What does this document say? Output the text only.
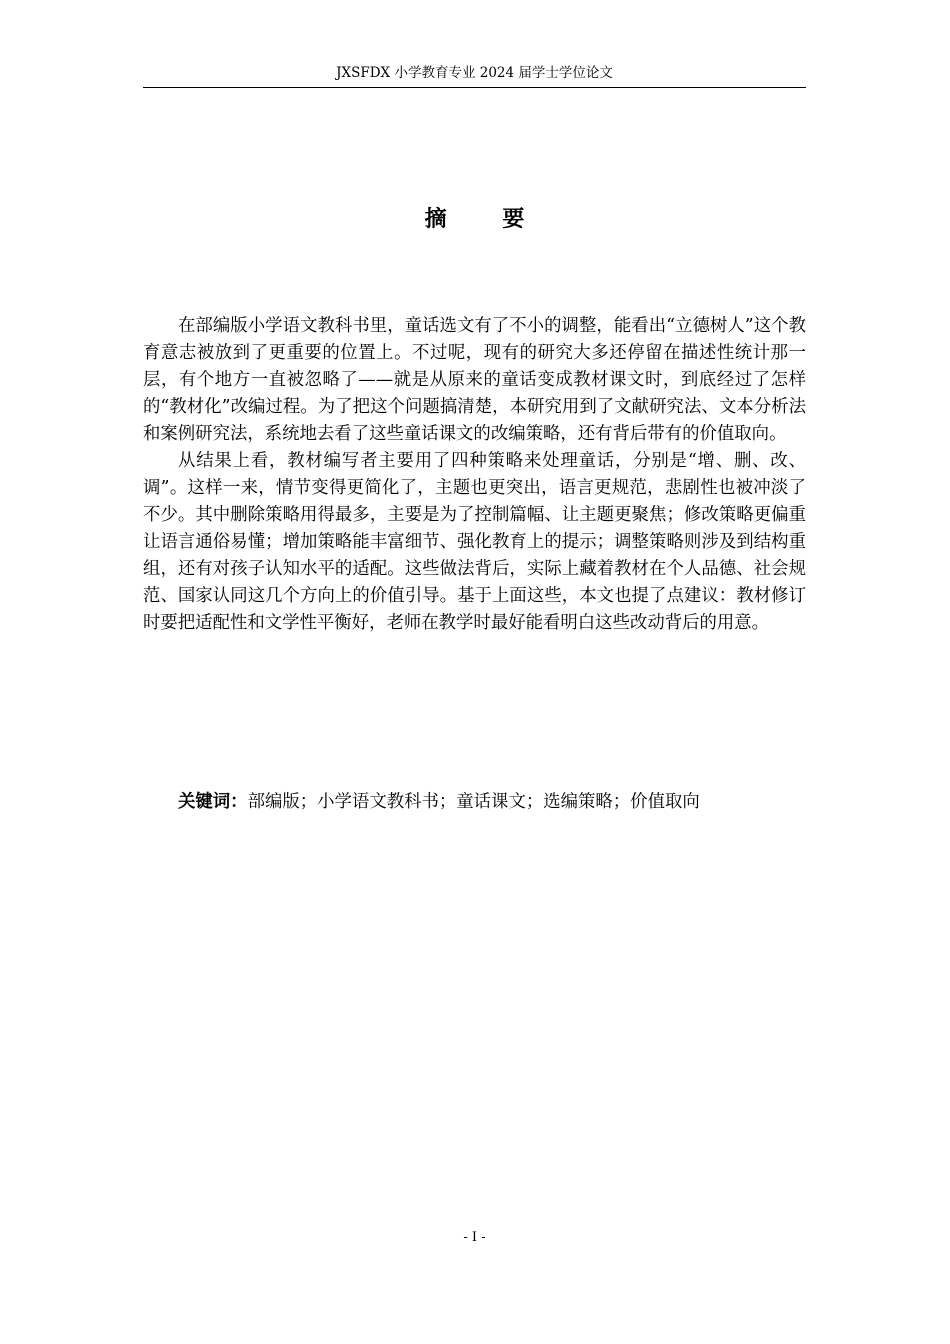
JXSFDX 小学教育专业 2024 届学士学位论文
摘 要

在部编版小学语文教科书里，童话选文有了不小的调整，能看出“立德树人”这个教育意志被放到了更重要的位置上。不过呢，现有的研究大多还停留在描述性统计那一层，有个地方一直被忽略了——就是从原来的童话变成教材课文时，到底经过了怎样的“教材化”改编过程。为了把这个问题搞清楚，本研究用到了文献研究法、文本分析法和案例研究法，系统地去看了这些童话课文的改编策略，还有背后带有的价值取向。

从结果上看，教材编写者主要用了四种策略来处理童话，分别是“增、删、改、调”。这样一来，情节变得更简化了，主题也更突出，语言更规范，悲剧性也被冲淡了不少。其中删除策略用得最多，主要是为了控制篇幅、让主题更聚焦；修改策略更偏重让语言通俗易懂；增加策略能丰富细节、强化教育上的提示；调整策略则涉及到结构重组，还有对孩子认知水平的适配。这些做法背后，实际上藏着教材在个人品德、社会规范、国家认同这几个方向上的价值引导。基于上面这些，本文也提了点建议：教材修订时要把适配性和文学性平衡好，老师在教学时最好能看明白这些改动背后的用意。

关键词：部编版；小学语文教科书；童话课文；选编策略；价值取向
- I -
